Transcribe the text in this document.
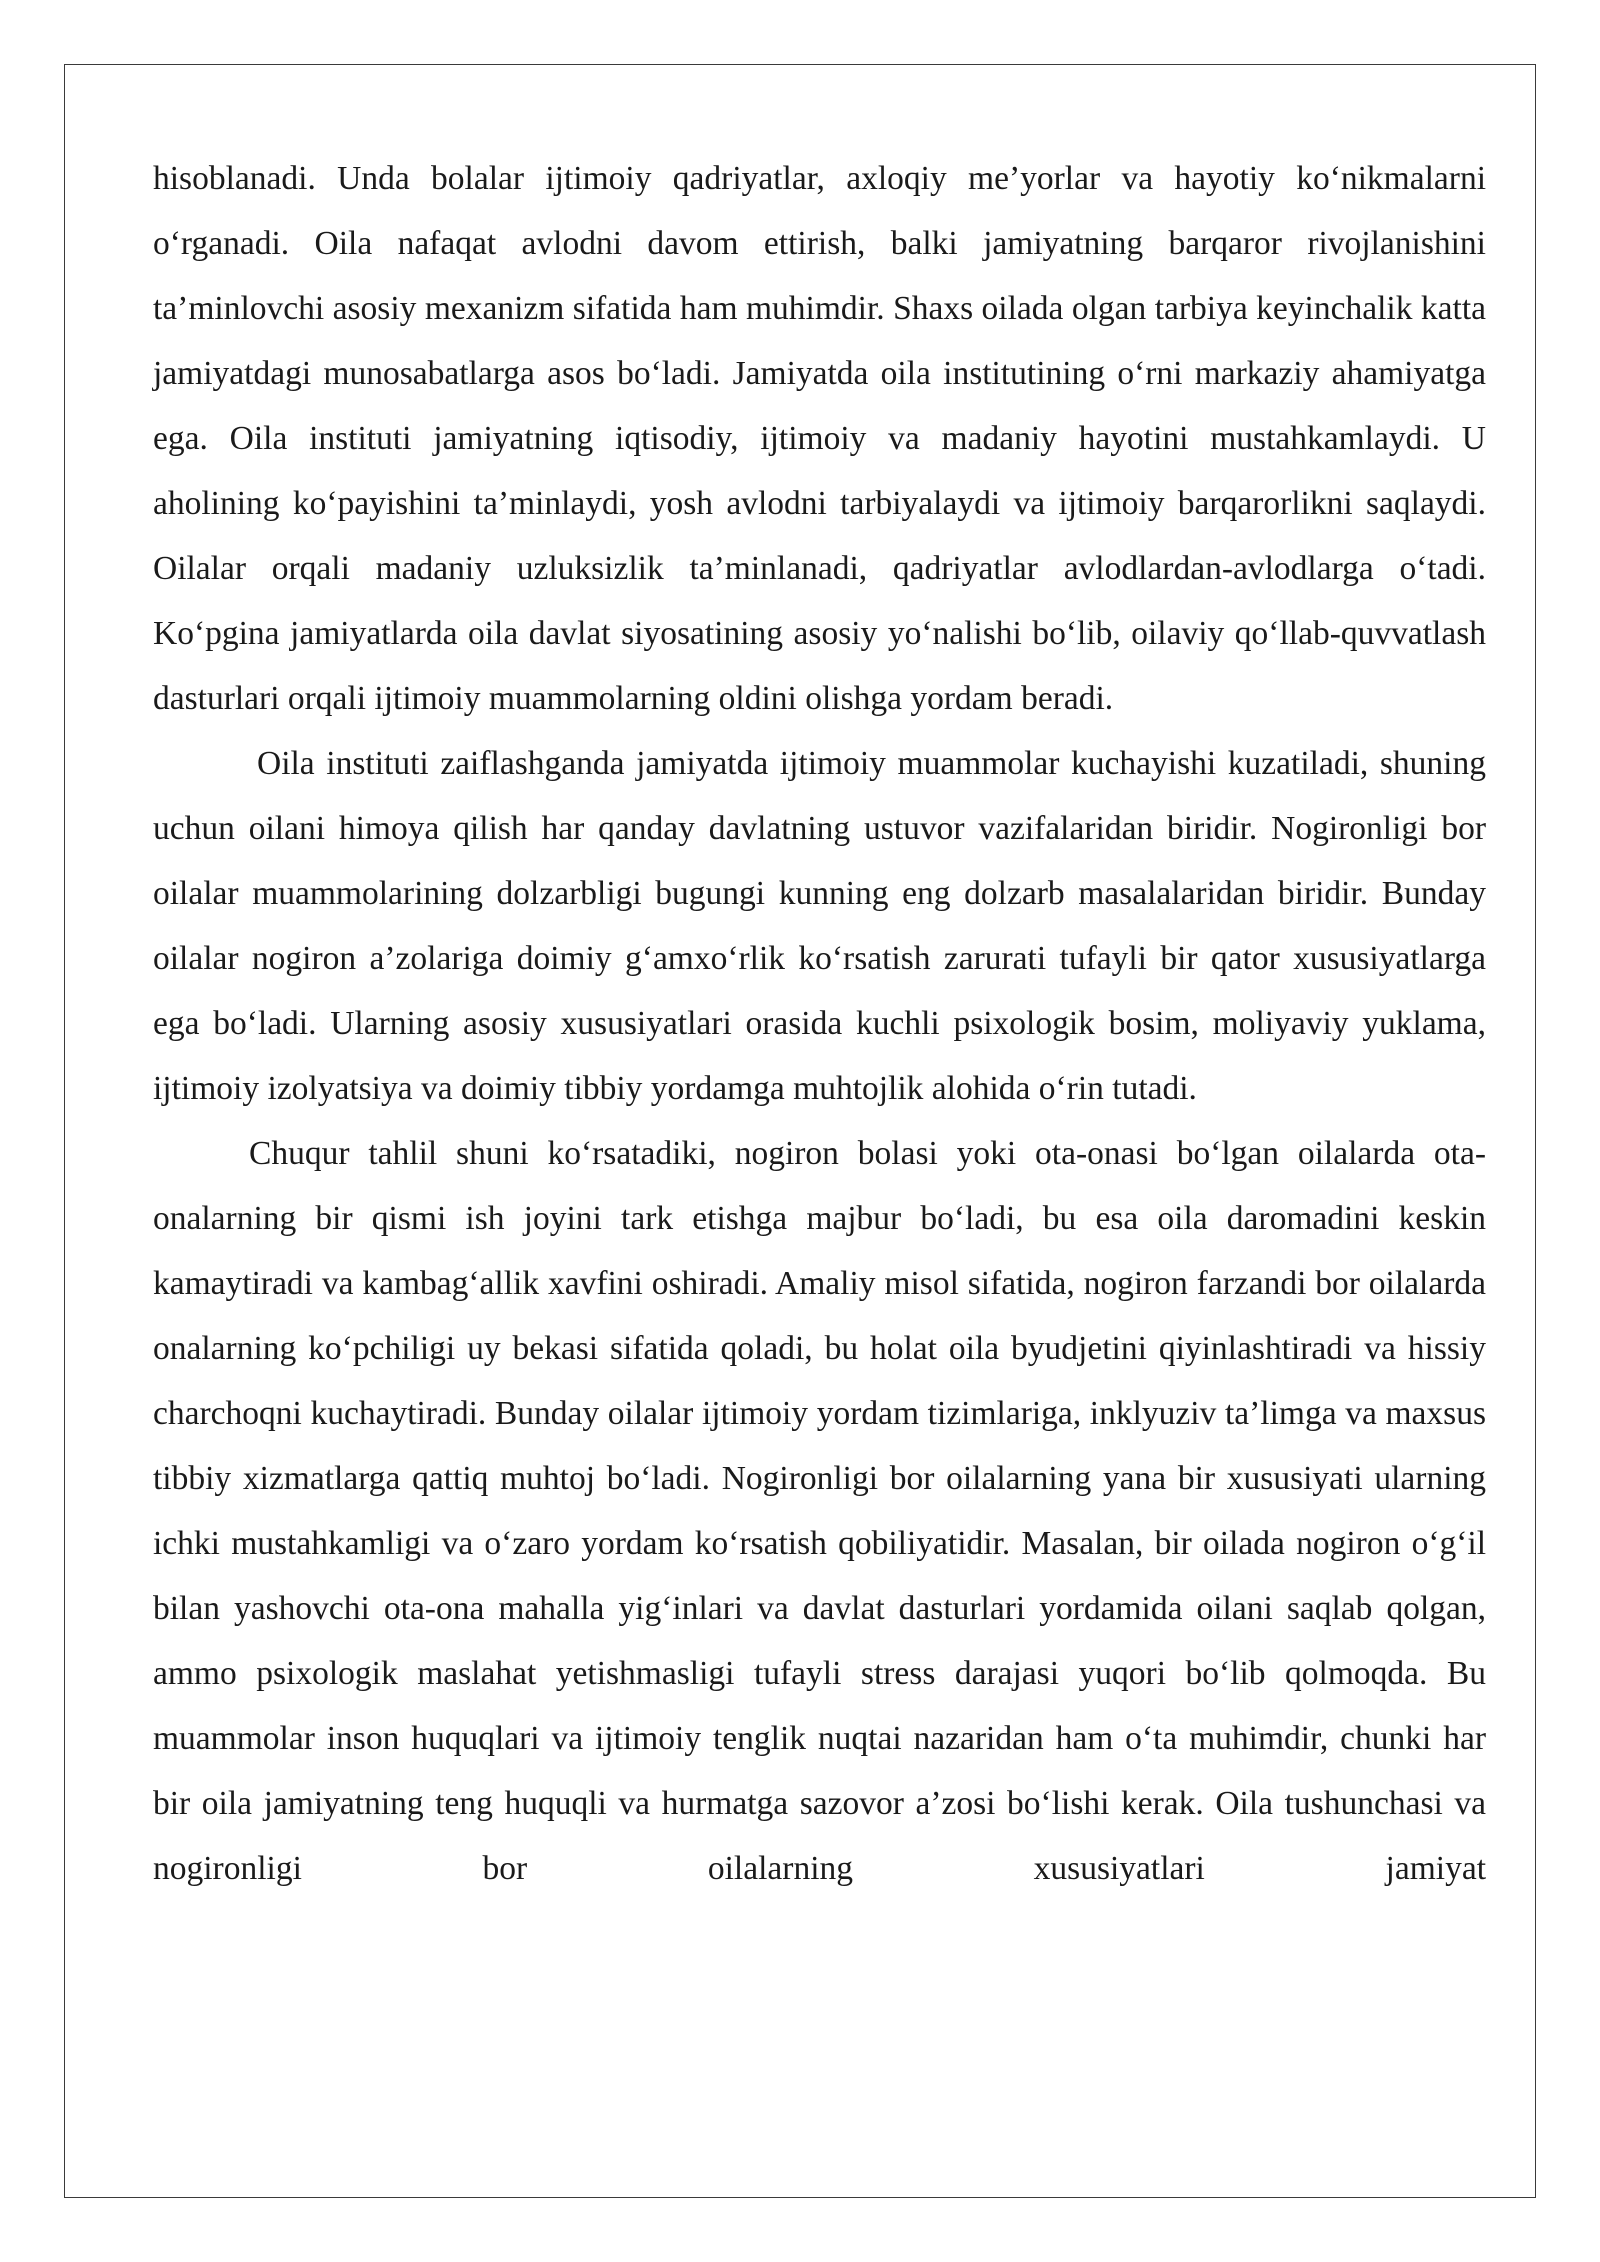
hisoblanadi. Unda bolalar ijtimoiy qadriyatlar, axloqiy me’yorlar va hayotiy ko‘nikmalarni o‘rganadi. Oila nafaqat avlodni davom ettirish, balki jamiyatning barqaror rivojlanishini ta’minlovchi asosiy mexanizm sifatida ham muhimdir. Shaxs oilada olgan tarbiya keyinchalik katta jamiyatdagi munosabatlarga asos bo‘ladi. Jamiyatda oila institutining o‘rni markaziy ahamiyatga ega. Oila instituti jamiyatning iqtisodiy, ijtimoiy va madaniy hayotini mustahkamlaydi. U aholining ko‘payishini ta’minlaydi, yosh avlodni tarbiyalaydi va ijtimoiy barqarorlikni saqlaydi. Oilalar orqali madaniy uzluksizlik ta’minlanadi, qadriyatlar avlodlardan-avlodlarga o‘tadi. Ko‘pgina jamiyatlarda oila davlat siyosatining asosiy yo‘nalishi bo‘lib, oilaviy qo‘llab-quvvatlash dasturlari orqali ijtimoiy muammolarning oldini olishga yordam beradi.

Oila instituti zaiflashganda jamiyatda ijtimoiy muammolar kuchayishi kuzatiladi, shuning uchun oilani himoya qilish har qanday davlatning ustuvor vazifalaridan biridir. Nogironligi bor oilalar muammolarining dolzarbligi bugungi kunning eng dolzarb masalalaridan biridir. Bunday oilalar nogiron a’zolariga doimiy g‘amxo‘rlik ko‘rsatish zarurati tufayli bir qator xususiyatlarga ega bo‘ladi. Ularning asosiy xususiyatlari orasida kuchli psixologik bosim, moliyaviy yuklama, ijtimoiy izolyatsiya va doimiy tibbiy yordamga muhtojlik alohida o‘rin tutadi.

Chuqur tahlil shuni ko‘rsatadiki, nogiron bolasi yoki ota-onasi bo‘lgan oilalarda ota-onalarning bir qismi ish joyini tark etishga majbur bo‘ladi, bu esa oila daromadini keskin kamaytiradi va kambag‘allik xavfini oshiradi. Amaliy misol sifatida, nogiron farzandi bor oilalarda onalarning ko‘pchiligi uy bekasi sifatida qoladi, bu holat oila byudjetini qiyinlashtiradi va hissiy charchoqni kuchaytiradi. Bunday oilalar ijtimoiy yordam tizimlariga, inklyuziv ta’limga va maxsus tibbiy xizmatlarga qattiq muhtoj bo‘ladi. Nogironligi bor oilalarning yana bir xususiyati ularning ichki mustahkamligi va o‘zaro yordam ko‘rsatish qobiliyatidir. Masalan, bir oilada nogiron o‘g‘il bilan yashovchi ota-ona mahalla yig‘inlari va davlat dasturlari yordamida oilani saqlab qolgan, ammo psixologik maslahat yetishmasligi tufayli stress darajasi yuqori bo‘lib qolmoqda. Bu muammolar inson huquqlari va ijtimoiy tenglik nuqtai nazaridan ham o‘ta muhimdir, chunki har bir oila jamiyatning teng huquqli va hurmatga sazovor a’zosi bo‘lishi kerak. Oila tushunchasi va nogironligi bor oilalarning xususiyatlari jamiyat
